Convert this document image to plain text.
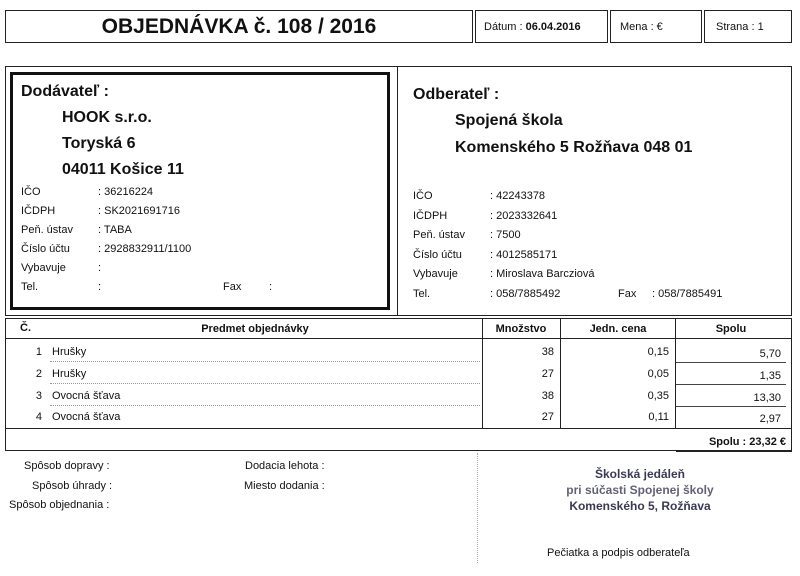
OBJEDNÁVKA č. 108 / 2016	Dátum : 06.04.2016	Mena : €	Strana : 1
Dodávateľ :
HOOK s.r.o.
Toryská 6
04011 Košice 11
IČO	: 36216224
IČDPH	: SK2021691716
Peň. ústav : TABA
Číslo účtu	: 2928832911/1100
Vybavuje	:
Tel.	:	Fax	:
Odberateľ :
Spojená škola
Komenského 5 Rožňava 048 01
IČO	: 42243378
IČDPH	: 2023332641
Peň. ústav : 7500
Číslo účtu	: 4012585171
Vybavuje	: Miroslava Barcziová
Tel.	: 058/7885492	Fax : 058/7885491
Č.	Predmet objednávky	Množstvo	Jedn. cena	Spolu
1 Hrušky	38	0,15	5,70
2 Hrušky	27	0,05	1,35
3 Ovocná šťava	38	0,35	13,30
4 Ovocná šťava	27	0,11	2,97
Spolu : 23,32 €
Spôsob dopravy :
Spôsob úhrady :
Spôsob objednania :
Dodacia lehota :
Miesto dodania :
Školská jedáleň
pri súčasti Spojenej školy
Komenského 5, Rožňava
Pečiatka a podpis odberateľa
